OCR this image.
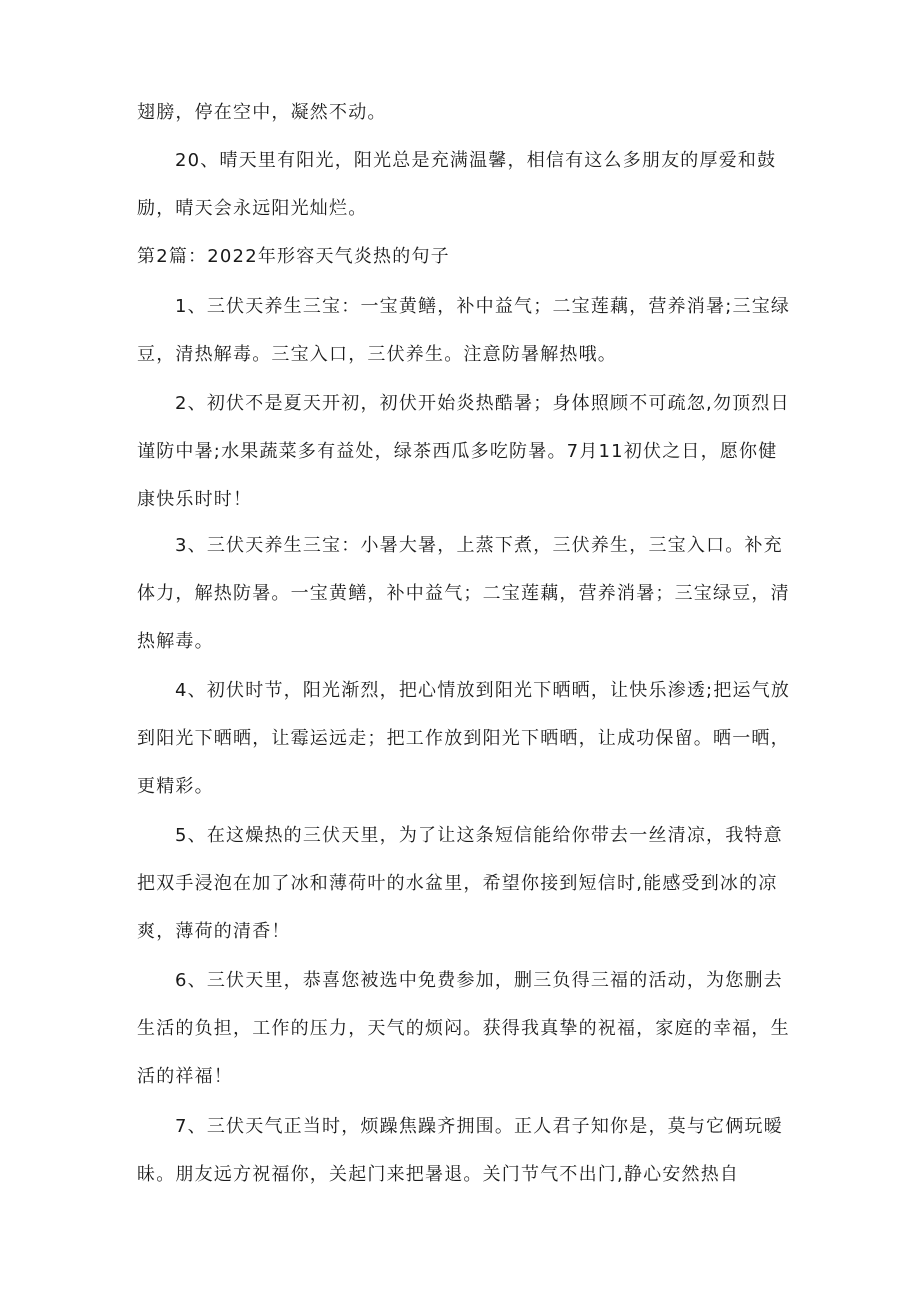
翅膀，停在空中，凝然不动。

20、晴天里有阳光，阳光总是充满温馨，相信有这么多朋友的厚爱和鼓励，晴天会永远阳光灿烂。

第2篇：2022年形容天气炎热的句子

1、三伏天养生三宝：一宝黄鳝，补中益气；二宝莲藕，营养消暑;三宝绿豆，清热解毒。三宝入口，三伏养生。注意防暑解热哦。

2、初伏不是夏天开初，初伏开始炎热酷暑；身体照顾不可疏忽,勿顶烈日谨防中暑;水果蔬菜多有益处，绿茶西瓜多吃防暑。7月11初伏之日，愿你健康快乐时时！

3、三伏天养生三宝：小暑大暑，上蒸下煮，三伏养生，三宝入口。补充体力，解热防暑。一宝黄鳝，补中益气；二宝莲藕，营养消暑；三宝绿豆，清热解毒。

4、初伏时节，阳光渐烈，把心情放到阳光下晒晒，让快乐渗透;把运气放到阳光下晒晒，让霉运远走；把工作放到阳光下晒晒，让成功保留。晒一晒，更精彩。

5、在这燥热的三伏天里，为了让这条短信能给你带去一丝清凉，我特意把双手浸泡在加了冰和薄荷叶的水盆里，希望你接到短信时,能感受到冰的凉爽，薄荷的清香！

6、三伏天里，恭喜您被选中免费参加，删三负得三福的活动，为您删去生活的负担，工作的压力，天气的烦闷。获得我真挚的祝福，家庭的幸福，生活的祥福！

7、三伏天气正当时，烦躁焦躁齐拥围。正人君子知你是，莫与它俩玩暧昧。朋友远方祝福你，关起门来把暑退。关门节气不出门,静心安然热自
